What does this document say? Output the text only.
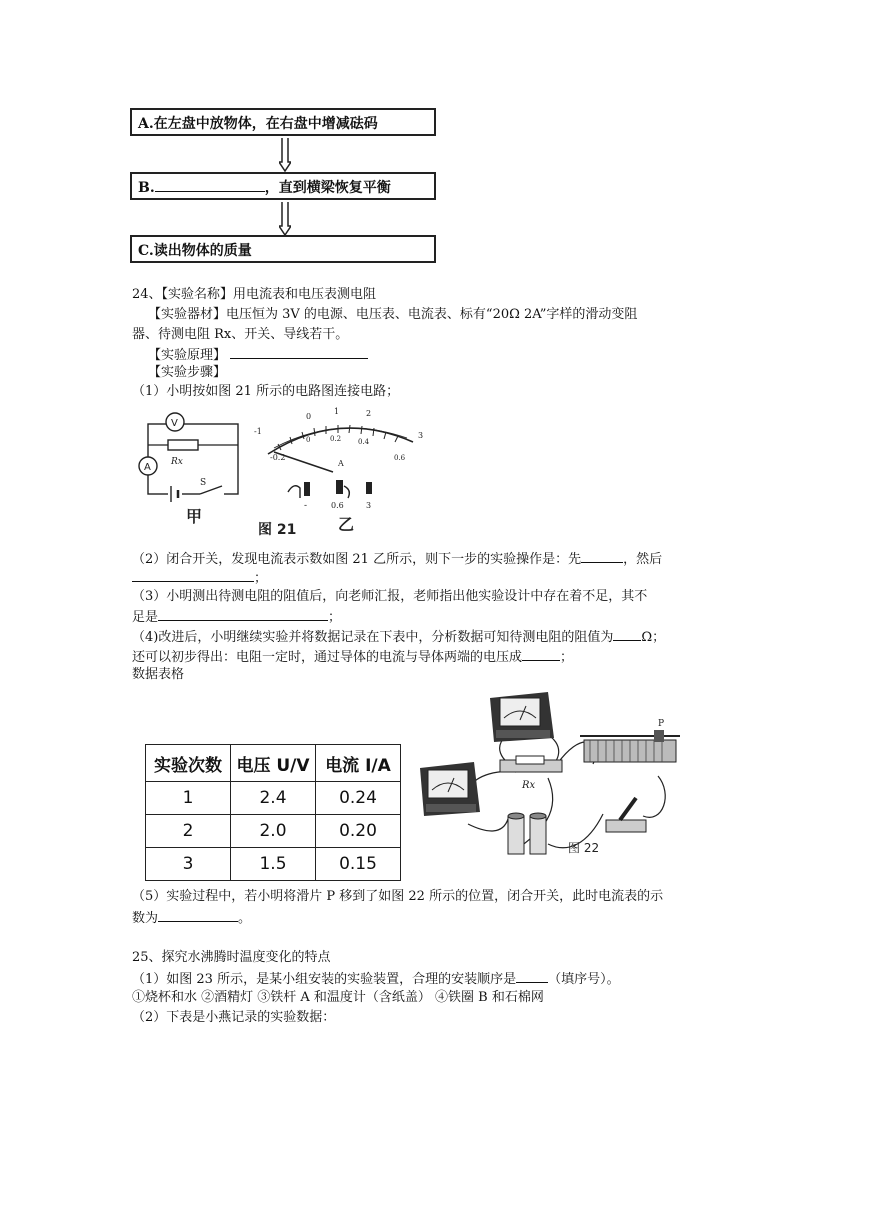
A.在左盘中放物体，在右盘中增减砝码
B.	，直到横梁恢复平衡
C.读出物体的质量
24、【实验名称】用电流表和电压表测电阻
【实验器材】电压恒为 3V 的电源、电压表、电流表、标有“20Ω 2A”字样的滑动变阻
器、待测电阻 Rx、开关、导线若干。
【实验原理】
【实验步骤】
（1）小明按如图 21 所示的电路图连接电路；
V
Rx
A
S
甲
图 21
-1
-0.2
0
1	2
3
0	0.2 0.4
0.6
A
-	0.6	3
乙
（2）闭合开关，发现电流表示数如图 21 乙所示，则下一步的实验操作是：先	，然后
；
（3）小明测出待测电阻的阻值后，向老师汇报，老师指出他实验设计中存在着不足，其不
足是	；
（4)改进后，小明继续实验并将数据记录在下表中，分析数据可知待测电阻的阻值为 Ω；
还可以初步得出：电阻一定时，通过导体的电流与导体两端的电压成	；
数据表格
实验次数	电压 U/V	电流 I/A
1	2.4	0.24
2	2.0	0.20
3	1.5	0.15
Rx
P
图 22
（5）实验过程中，若小明将滑片 P 移到了如图 22 所示的位置，闭合开关，此时电流表的示
数为	。
25、探究水沸腾时温度变化的特点
（1）如图 23 所示，是某小组安装的实验装置，合理的安装顺序是 （填序号）。
①烧杯和水 ②酒精灯 ③铁杆 A 和温度计（含纸盖） ④铁圈 B 和石棉网
（2）下表是小燕记录的实验数据：
